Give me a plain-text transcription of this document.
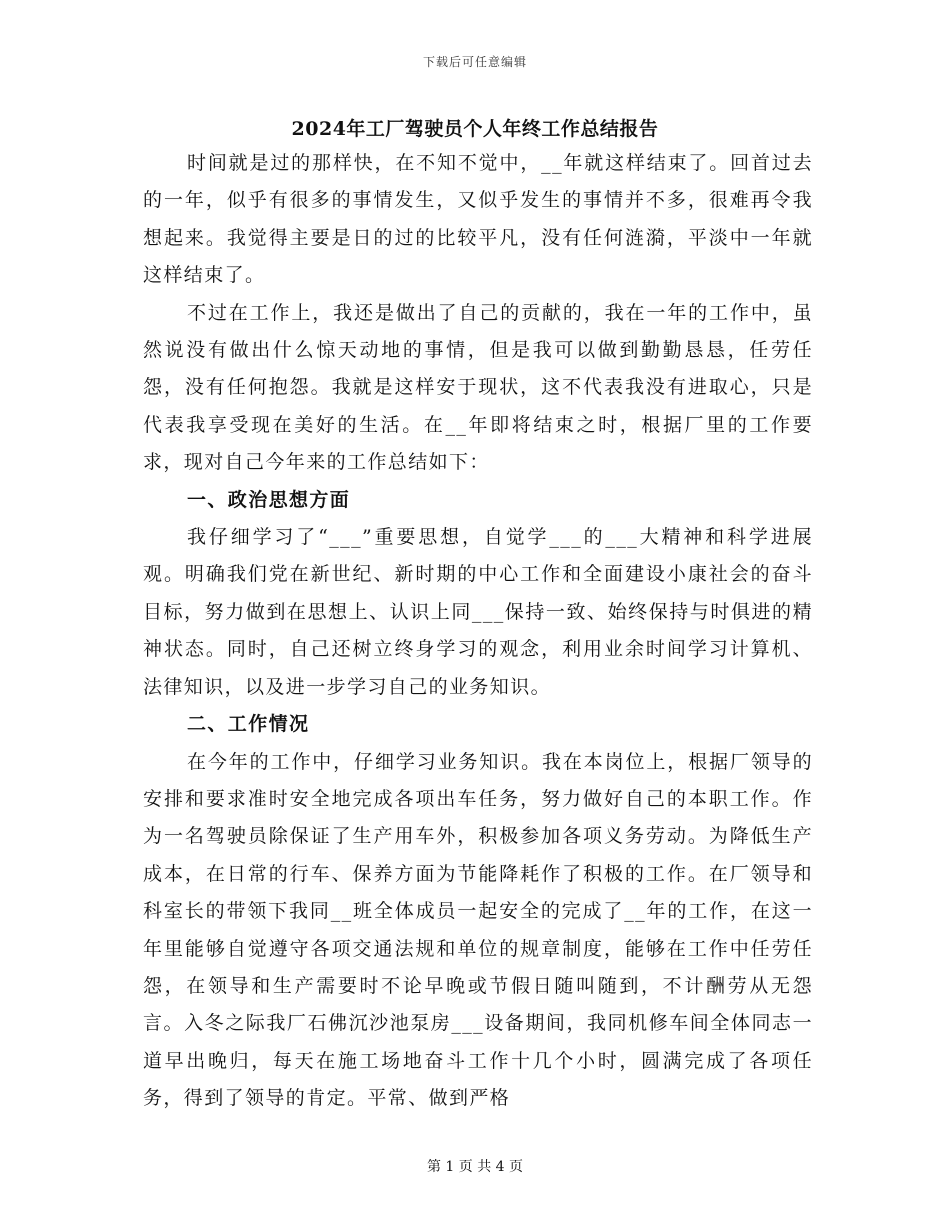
下载后可任意编辑
2024年工厂驾驶员个人年终工作总结报告

时间就是过的那样快，在不知不觉中，__年就这样结束了。回首过去的一年，似乎有很多的事情发生，又似乎发生的事情并不多，很难再令我想起来。我觉得主要是日的过的比较平凡，没有任何涟漪，平淡中一年就这样结束了。

不过在工作上，我还是做出了自己的贡献的，我在一年的工作中，虽然说没有做出什么惊天动地的事情，但是我可以做到勤勤恳恳，任劳任怨，没有任何抱怨。我就是这样安于现状，这不代表我没有进取心，只是代表我享受现在美好的生活。在__年即将结束之时，根据厂里的工作要求，现对自己今年来的工作总结如下：

一、政治思想方面

我仔细学习了“___”重要思想，自觉学___的___大精神和科学进展观。明确我们党在新世纪、新时期的中心工作和全面建设小康社会的奋斗目标，努力做到在思想上、认识上同___保持一致、始终保持与时俱进的精神状态。同时，自己还树立终身学习的观念，利用业余时间学习计算机、法律知识，以及进一步学习自己的业务知识。

二、工作情况

在今年的工作中，仔细学习业务知识。我在本岗位上，根据厂领导的安排和要求准时安全地完成各项出车任务，努力做好自己的本职工作。作为一名驾驶员除保证了生产用车外，积极参加各项义务劳动。为降低生产成本，在日常的行车、保养方面为节能降耗作了积极的工作。在厂领导和科室长的带领下我同__班全体成员一起安全的完成了__年的工作，在这一年里能够自觉遵守各项交通法规和单位的规章制度，能够在工作中任劳任怨，在领导和生产需要时不论早晚或节假日随叫随到，不计酬劳从无怨言。入冬之际我厂石佛沉沙池泵房___设备期间，我同机修车间全体同志一道早出晚归，每天在施工场地奋斗工作十几个小时，圆满完成了各项任务，得到了领导的肯定。平常、做到严格

第 1 页 共 4 页
